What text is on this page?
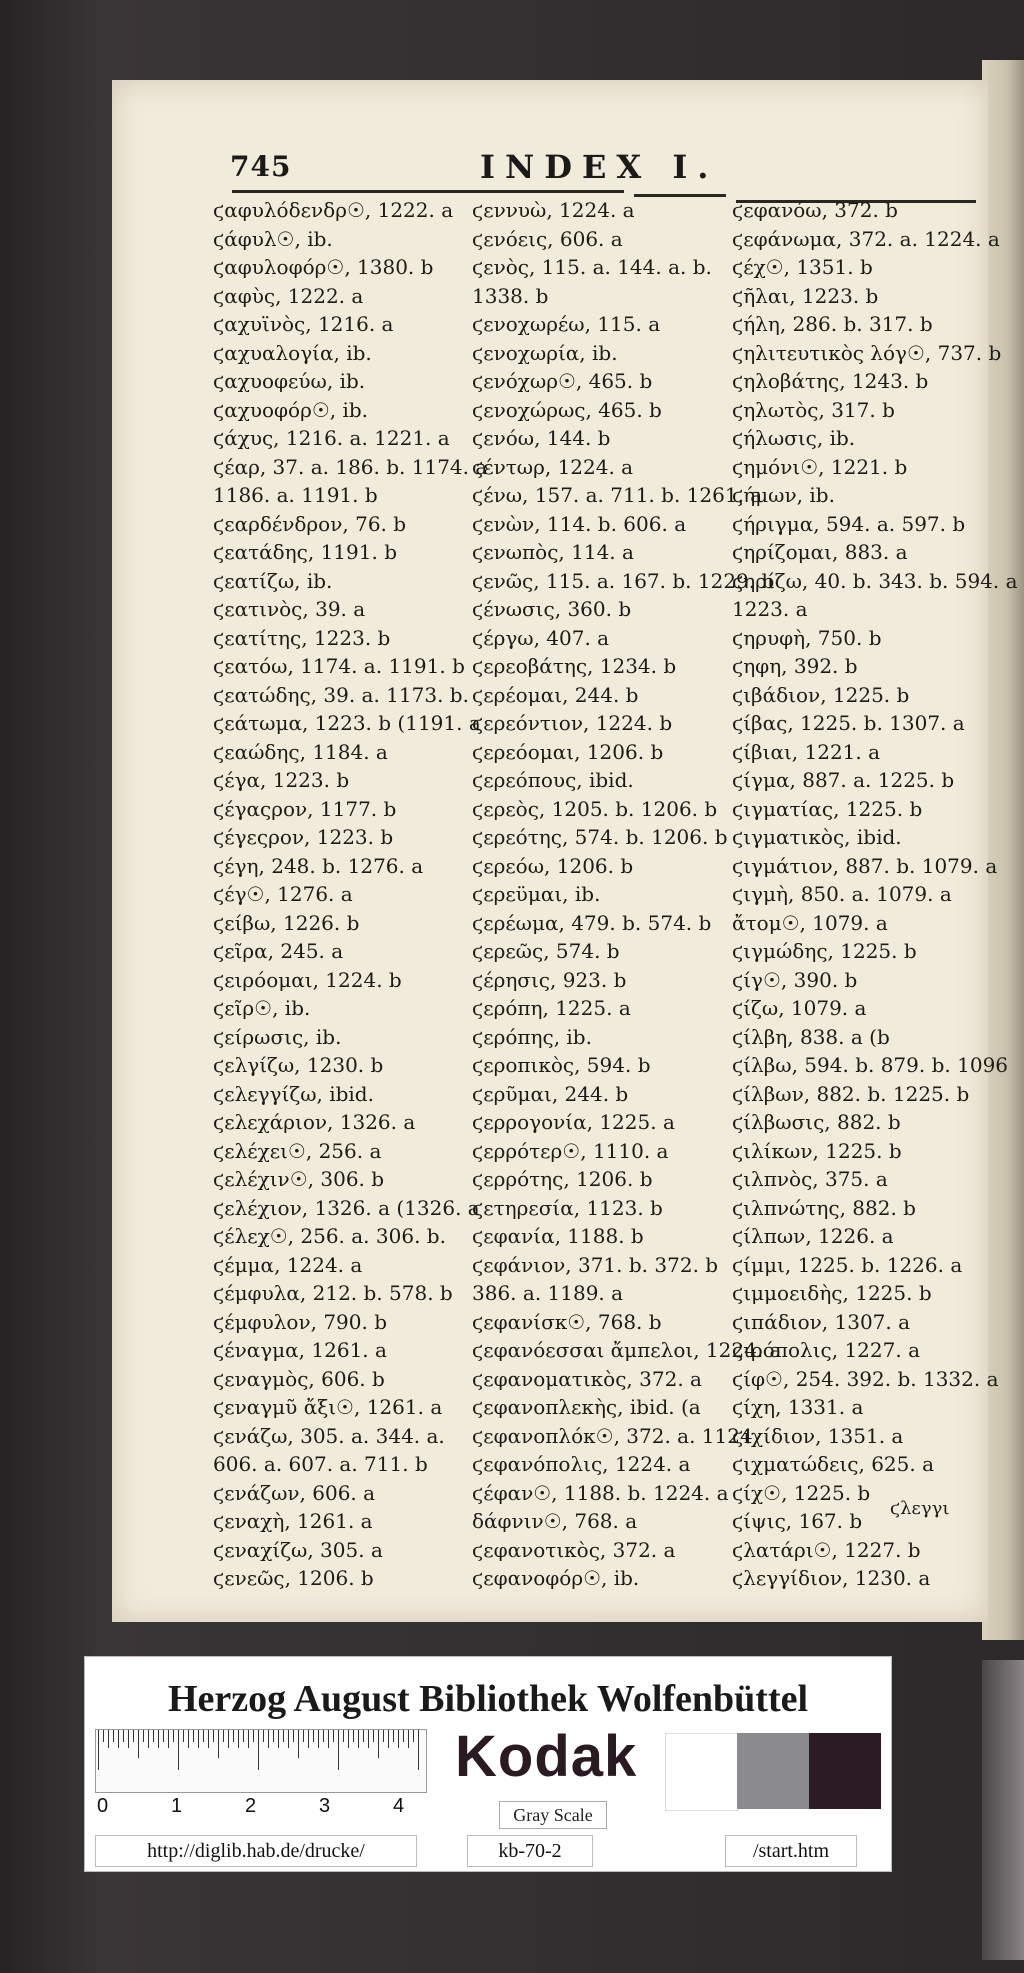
745	INDEX I.
ϛαφυλόδενδρ☉, 1222. a
ϛάφυλ☉, ib.
ϛαφυλοφόρ☉, 1380. b
ϛαφὺς, 1222. a
ϛαχυϊνὸς, 1216. a
ϛαχυαλογία, ib.
ϛαχυοφεύω, ib.
ϛαχυοφόρ☉, ib.
ϛάχυς, 1216. a. 1221. a
ϛέαρ, 37. a. 186. b. 1174. a
1186. a. 1191. b
ϛεαρδένδρον, 76. b
ϛεατάδης, 1191. b
ϛεατίζω, ib.
ϛεατινὸς, 39. a
ϛεατίτης, 1223. b
ϛεατόω, 1174. a. 1191. b
ϛεατώδης, 39. a. 1173. b.
ϛεάτωμα, 1223. b (1191. a
ϛεαώδης, 1184. a
ϛέγα, 1223. b
ϛέγαςρον, 1177. b
ϛέγεςρον, 1223. b
ϛέγη, 248. b. 1276. a
ϛέγ☉, 1276. a
ϛείβω, 1226. b
ϛεῖρα, 245. a
ϛειρόομαι, 1224. b
ϛεῖρ☉, ib.
ϛείρωσις, ib.
ϛελγίζω, 1230. b
ϛελεγγίζω, ibid.
ϛελεχάριον, 1326. a
ϛελέχει☉, 256. a
ϛελέχιν☉, 306. b
ϛελέχιον, 1326. a (1326. a
ϛέλεχ☉, 256. a. 306. b.
ϛέμμα, 1224. a
ϛέμφυλα, 212. b. 578. b
ϛέμφυλον, 790. b
ϛέναγμα, 1261. a
ϛεναγμὸς, 606. b
ϛεναγμῦ ἄξι☉, 1261. a
ϛενάζω, 305. a. 344. a.
606. a. 607. a. 711. b
ϛενάζων, 606. a
ϛεναχὴ, 1261. a
ϛεναχίζω, 305. a
ϛενεῶς, 1206. b
ϛεννυὼ, 1224. a
ϛενόεις, 606. a
ϛενὸς, 115. a. 144. a. b.
1338. b
ϛενοχωρέω, 115. a
ϛενοχωρία, ib.
ϛενόχωρ☉, 465. b
ϛενοχώρως, 465. b
ϛενόω, 144. b
ϛέντωρ, 1224. a
ϛένω, 157. a. 711. b. 1261. a
ϛενὼν, 114. b. 606. a
ϛενωπὸς, 114. a
ϛενῶς, 115. a. 167. b. 1229. b
ϛένωσις, 360. b
ϛέργω, 407. a
ϛερεοβάτης, 1234. b
ϛερέομαι, 244. b
ϛερεόντιον, 1224. b
ϛερεόομαι, 1206. b
ϛερεόπους, ibid.
ϛερεὸς, 1205. b. 1206. b
ϛερεότης, 574. b. 1206. b
ϛερεόω, 1206. b
ϛερεϋμαι, ib.
ϛερέωμα, 479. b. 574. b
ϛερεῶς, 574. b
ϛέρησις, 923. b
ϛερόπη, 1225. a
ϛερόπης, ib.
ϛεροπικὸς, 594. b
ϛερῦμαι, 244. b
ϛερρογονία, 1225. a
ϛερρότερ☉, 1110. a
ϛερρότης, 1206. b
ϛετηρεσία, 1123. b
ϛεφανία, 1188. b
ϛεφάνιον, 371. b. 372. b
386. a. 1189. a
ϛεφανίσκ☉, 768. b
ϛεφανόεσσαι ἄμπελοι, 1224. a
ϛεφανοματικὸς, 372. a
ϛεφανοπλεκὴς, ibid. (a
ϛεφανοπλόκ☉, 372. a. 1124
ϛεφανόπολις, 1224. a
ϛέφαν☉, 1188. b. 1224. a
δάφνιν☉, 768. a
ϛεφανοτικὸς, 372. a
ϛεφανοφόρ☉, ib.
ϛεφανόω, 372. b
ϛεφάνωμα, 372. a. 1224. a
ϛέχ☉, 1351. b
ϛῆλαι, 1223. b
ϛήλη, 286. b. 317. b
ϛηλιτευτικὸς λόγ☉, 737. b
ϛηλοβάτης, 1243. b
ϛηλωτὸς, 317. b
ϛήλωσις, ib.
ϛημόνι☉, 1221. b
ϛήμων, ib.
ϛήριγμα, 594. a. 597. b
ϛηρίζομαι, 883. a
ϛηρίζω, 40. b. 343. b. 594. a
1223. a
ϛηρυφὴ, 750. b
ϛηφη, 392. b
ϛιβάδιον, 1225. b
ϛίβας, 1225. b. 1307. a
ϛίβιαι, 1221. a
ϛίγμα, 887. a. 1225. b
ϛιγματίας, 1225. b
ϛιγματικὸς, ibid.
ϛιγμάτιον, 887. b. 1079. a
ϛιγμὴ, 850. a. 1079. a
ἄτομ☉, 1079. a
ϛιγμώδης, 1225. b
ϛίγ☉, 390. b
ϛίζω, 1079. a
ϛίλβη, 838. a (b
ϛίλβω, 594. b. 879. b. 1096
ϛίλβων, 882. b. 1225. b
ϛίλβωσις, 882. b
ϛιλίκων, 1225. b
ϛιλπνὸς, 375. a
ϛιλπνώτης, 882. b
ϛίλπων, 1226. a
ϛίμμι, 1225. b. 1226. a
ϛιμμοειδὴς, 1225. b
ϛιπάδιον, 1307. a
ϛιρόπολις, 1227. a
ϛίφ☉, 254. 392. b. 1332. a
ϛίχη, 1331. a
ϛιχίδιον, 1351. a
ϛιχματώδεις, 625. a
ϛίχ☉, 1225. b
ϛίψις, 167. b
ϛλατάρι☉, 1227. b
ϛλεγγίδιον, 1230. a
ϛλεγγι
Herzog August Bibliothek Wolfenbüttel
0	1	2	3	4
Kodak
Gray Scale
http://diglib.hab.de/drucke/	kb-70-2	/start.htm
